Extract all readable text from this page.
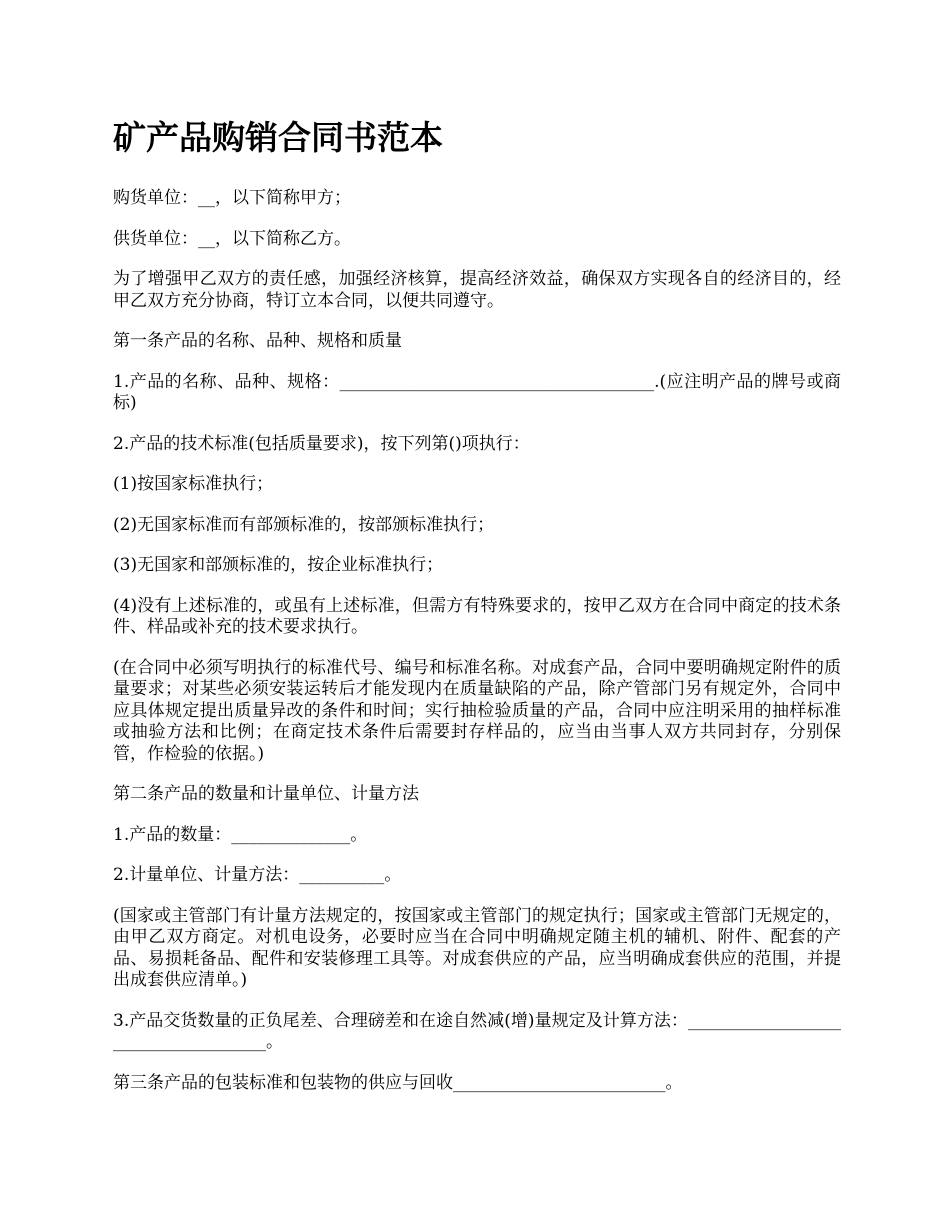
矿产品购销合同书范本

购货单位：__，以下简称甲方；

供货单位：__，以下简称乙方。

为了增强甲乙双方的责任感，加强经济核算，提高经济效益，确保双方实现各自的经济目的，经甲乙双方充分协商，特订立本合同，以便共同遵守。

第一条产品的名称、品种、规格和质量

1.产品的名称、品种、规格：_____________________________________.(应注明产品的牌号或商标)

2.产品的技术标准(包括质量要求)，按下列第()项执行：

(1)按国家标准执行；

(2)无国家标准而有部颁标准的，按部颁标准执行；

(3)无国家和部颁标准的，按企业标准执行；

(4)没有上述标准的，或虽有上述标准，但需方有特殊要求的，按甲乙双方在合同中商定的技术条件、样品或补充的技术要求执行。

(在合同中必须写明执行的标准代号、编号和标准名称。对成套产品，合同中要明确规定附件的质量要求；对某些必须安装运转后才能发现内在质量缺陷的产品，除产管部门另有规定外，合同中应具体规定提出质量异改的条件和时间；实行抽检验质量的产品，合同中应注明采用的抽样标准或抽验方法和比例；在商定技术条件后需要封存样品的，应当由当事人双方共同封存，分别保管，作检验的依据。)

第二条产品的数量和计量单位、计量方法

1.产品的数量：______________。

2.计量单位、计量方法：__________。

(国家或主管部门有计量方法规定的，按国家或主管部门的规定执行；国家或主管部门无规定的，由甲乙双方商定。对机电设务，必要时应当在合同中明确规定随主机的辅机、附件、配套的产品、易损耗备品、配件和安装修理工具等。对成套供应的产品，应当明确成套供应的范围，并提出成套供应清单。)

3.产品交货数量的正负尾差、合理磅差和在途自然减(增)量规定及计算方法：____________________________________。

第三条产品的包装标准和包装物的供应与回收_________________________。
